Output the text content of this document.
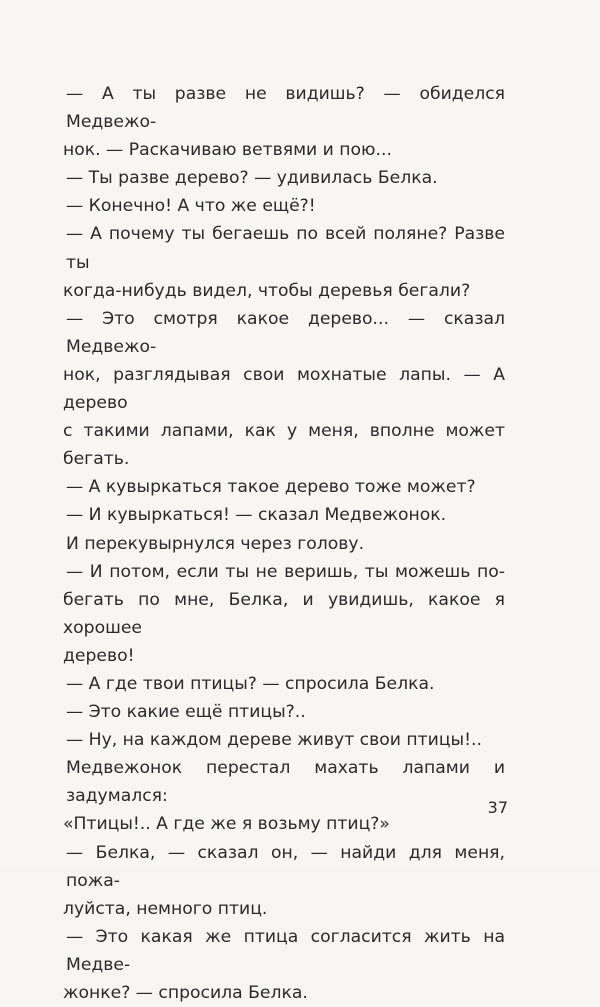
— А ты разве не видишь? — обиделся Медвежо-
нок. — Раскачиваю ветвями и пою...
— Ты разве дерево? — удивилась Белка.
— Конечно! А что же ещё?!
— А почему ты бегаешь по всей поляне? Разве ты
когда-нибудь видел, чтобы деревья бегали?
— Это смотря какое дерево... — сказал Медвежо-
нок, разглядывая свои мохнатые лапы. — А дерево
с такими лапами, как у меня, вполне может бегать.
— А кувыркаться такое дерево тоже может?
— И кувыркаться! — сказал Медвежонок.
И перекувырнулся через голову.
— И потом, если ты не веришь, ты можешь по-
бегать по мне, Белка, и увидишь, какое я хорошее
дерево!
— А где твои птицы? — спросила Белка.
— Это какие ещё птицы?..
— Ну, на каждом дереве живут свои птицы!..
Медвежонок перестал махать лапами и задумался:
«Птицы!.. А где же я возьму птиц?»
— Белка, — сказал он, — найди для меня, пожа-
луйста, немного птиц.
— Это какая же птица согласится жить на Медве-
жонке? — спросила Белка.
37
